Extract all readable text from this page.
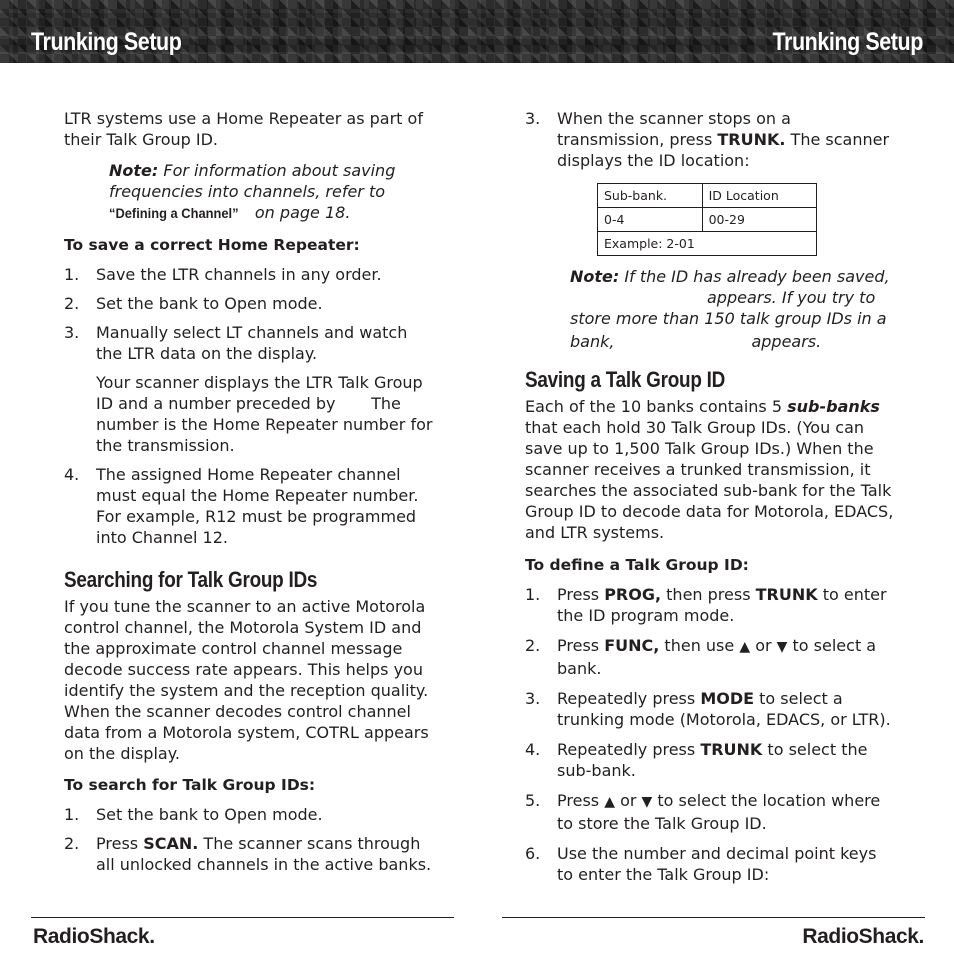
Trunking Setup	Trunking Setup

LTR systems use a Home Repeater as part of their Talk Group ID.

Note: For information about saving frequencies into channels, refer to “Defining a Channel” on page 18.

To save a correct Home Repeater:

1. Save the LTR channels in any order.
2. Set the bank to Open mode.
3. Manually select LT channels and watch the LTR data on the display.

Your scanner displays the LTR Talk Group ID and a number preceded by       The number is the Home Repeater number for the transmission.

4. The assigned Home Repeater channel must equal the Home Repeater number. For example, R12 must be programmed into Channel 12.
Searching for Talk Group IDs

If you tune the scanner to an active Motorola control channel, the Motorola System ID and the approximate control channel message decode success rate appears. This helps you identify the system and the reception quality. When the scanner decodes control channel data from a Motorola system, COTRL appears on the display.

To search for Talk Group IDs:

1. Set the bank to Open mode.
2. Press SCAN. The scanner scans through all unlocked channels in the active banks.
3. When the scanner stops on a transmission, press TRUNK. The scanner displays the ID location:
Sub-bank.	ID Location
0-4	00-29
Example: 2-01	
Note: If the ID has already been saved,
appears. If you try to store more than 150 talk group IDs in a
bank,	appears.
Saving a Talk Group ID

Each of the 10 banks contains 5 sub-banks that each hold 30 Talk Group IDs. (You can save up to 1,500 Talk Group IDs.) When the scanner receives a trunked transmission, it searches the associated sub-bank for the Talk Group ID to decode data for Motorola, EDACS, and LTR systems.

To define a Talk Group ID:

1. Press PROG, then press TRUNK to enter the ID program mode.
2. Press FUNC, then use ▲ or ▼ to select a bank.
3. Repeatedly press MODE to select a trunking mode (Motorola, EDACS, or LTR).
4. Repeatedly press TRUNK to select the sub-bank.
5. Press ▲ or ▼ to select the location where to store the Talk Group ID.
6. Use the number and decimal point keys to enter the Talk Group ID:
RadioShack.	RadioShack.
